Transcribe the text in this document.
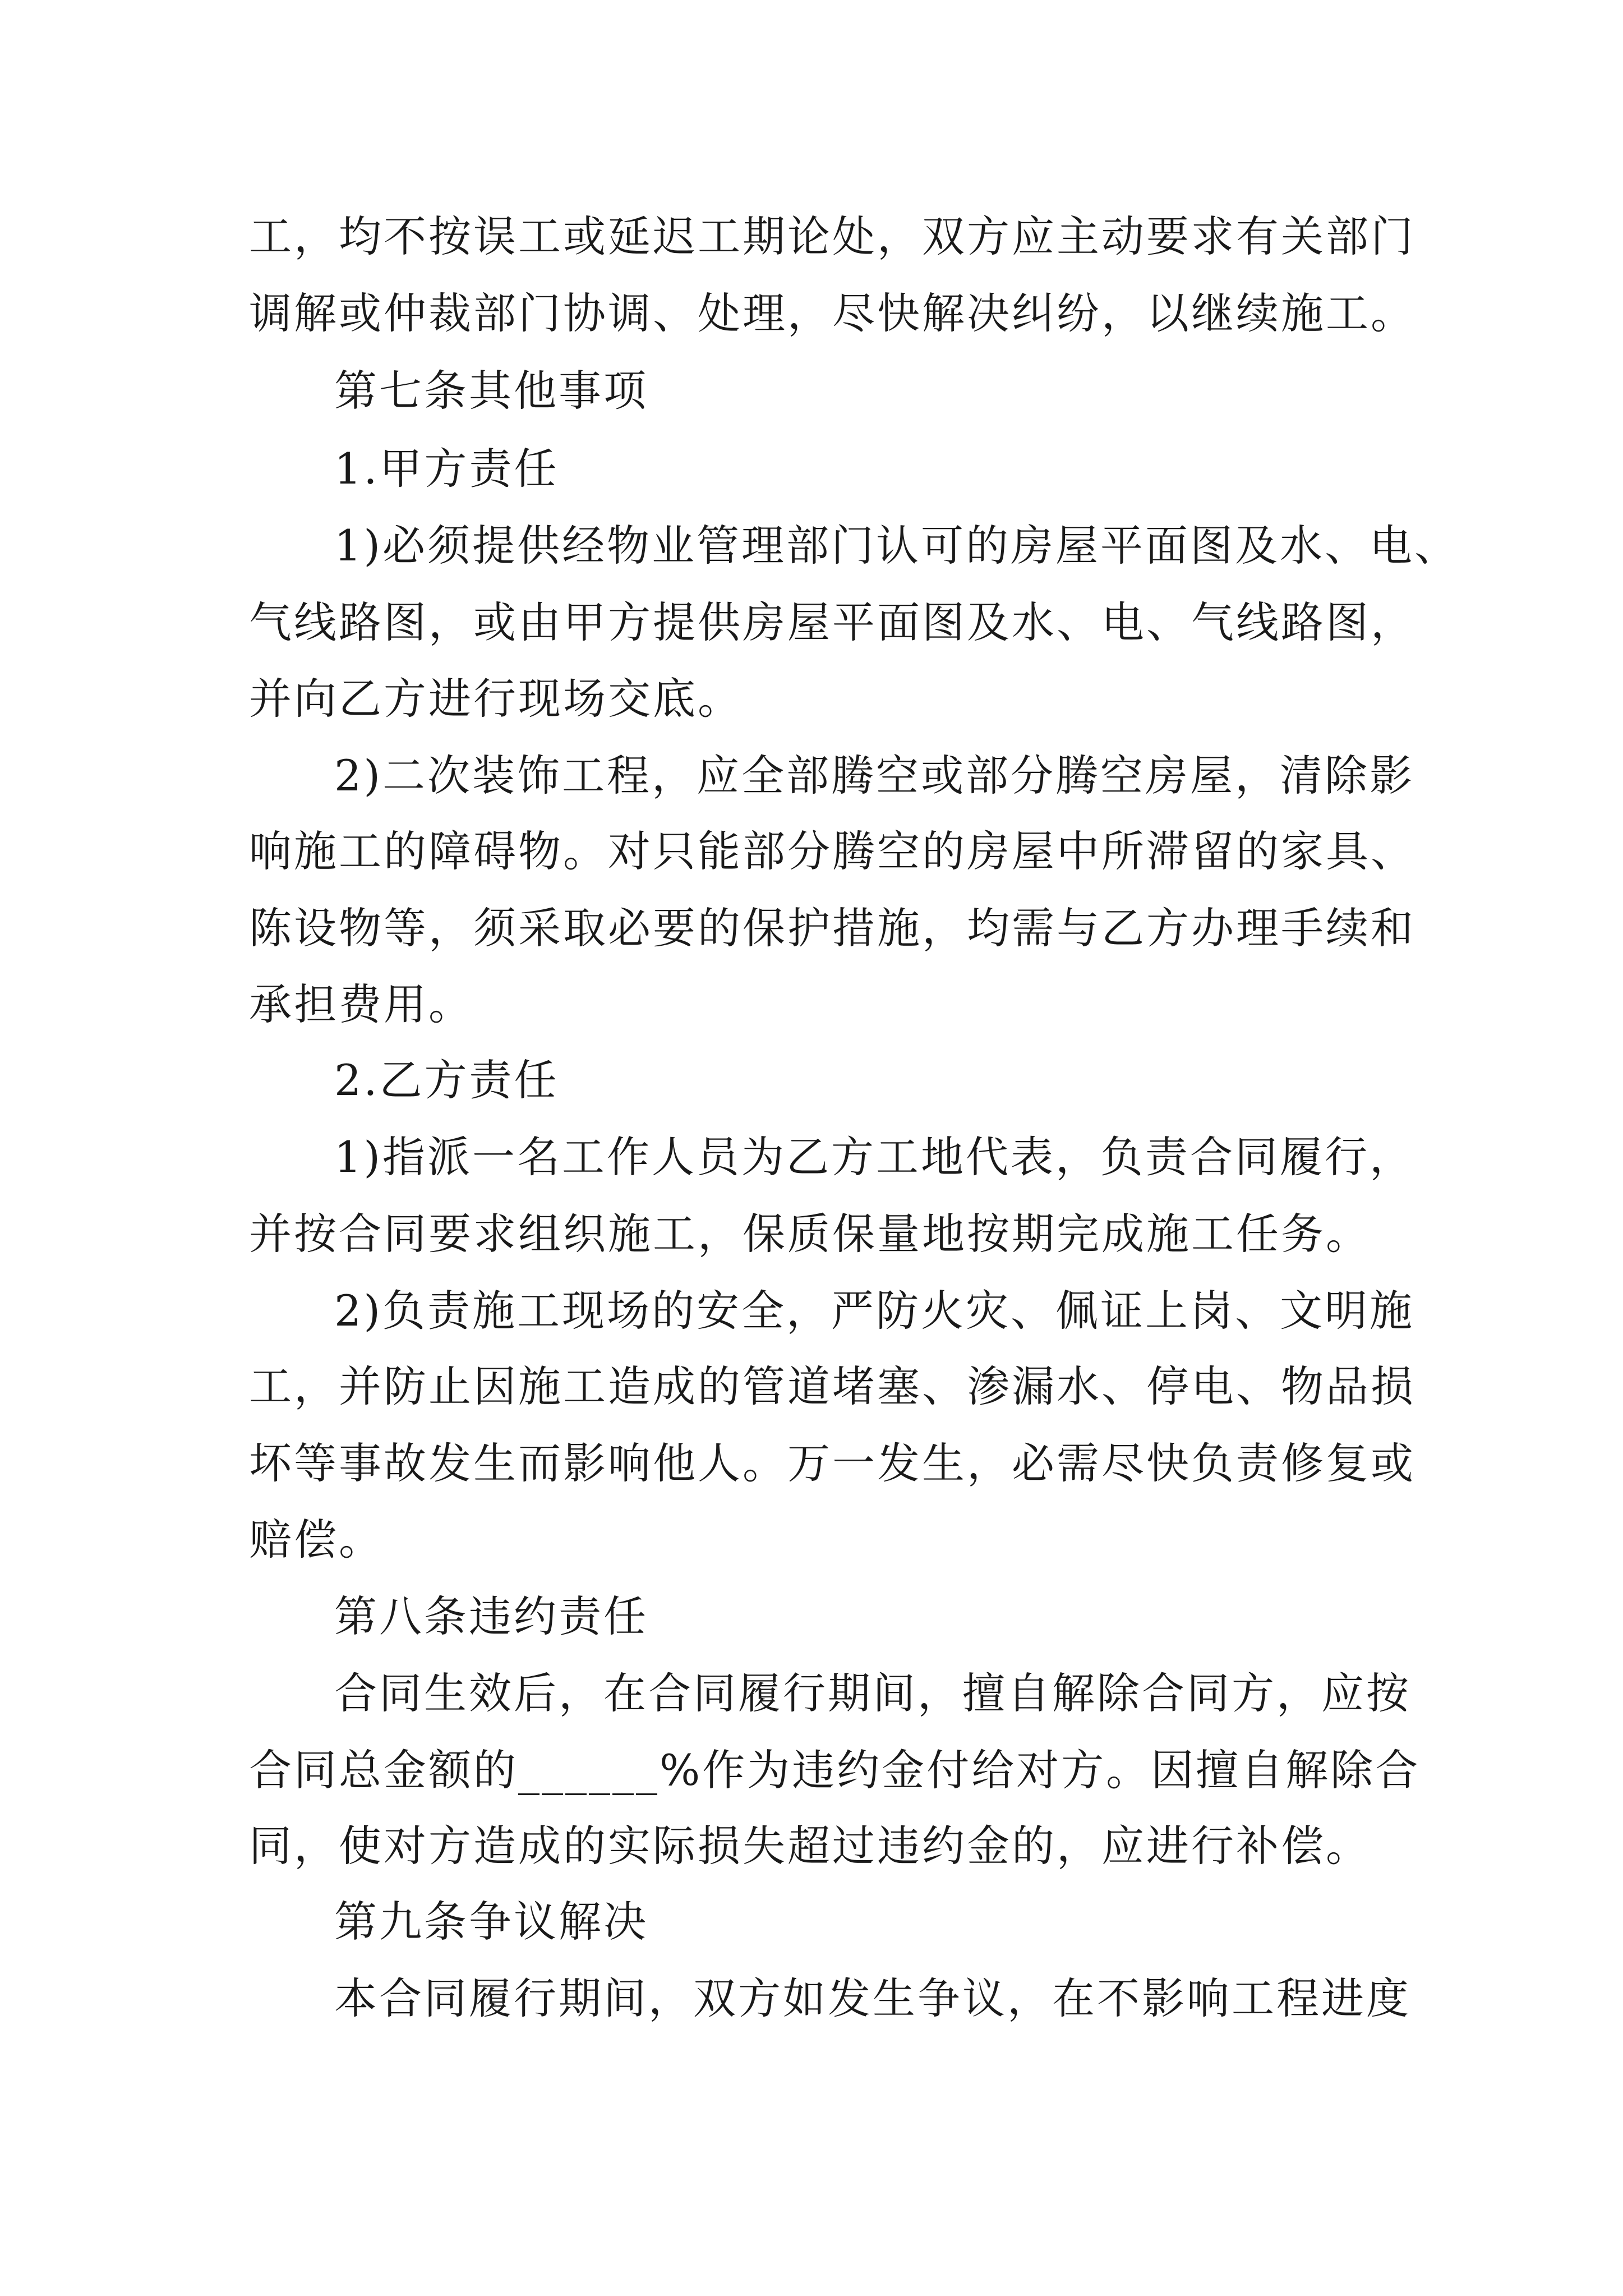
工，均不按误工或延迟工期论处，双方应主动要求有关部门

调解或仲裁部门协调、处理，尽快解决纠纷，以继续施工。

第七条其他事项

1.甲方责任

1)必须提供经物业管理部门认可的房屋平面图及水、电、

气线路图，或由甲方提供房屋平面图及水、电、气线路图，

并向乙方进行现场交底。

2)二次装饰工程，应全部腾空或部分腾空房屋，清除影

响施工的障碍物。对只能部分腾空的房屋中所滞留的家具、

陈设物等，须采取必要的保护措施，均需与乙方办理手续和

承担费用。

2.乙方责任

1)指派一名工作人员为乙方工地代表，负责合同履行，

并按合同要求组织施工，保质保量地按期完成施工任务。

2)负责施工现场的安全，严防火灾、佩证上岗、文明施

工，并防止因施工造成的管道堵塞、渗漏水、停电、物品损

坏等事故发生而影响他人。万一发生，必需尽快负责修复或

赔偿。

第八条违约责任

合同生效后，在合同履行期间，擅自解除合同方，应按

合同总金额的______%作为违约金付给对方。因擅自解除合

同，使对方造成的实际损失超过违约金的，应进行补偿。

第九条争议解决

本合同履行期间，双方如发生争议，在不影响工程进度
